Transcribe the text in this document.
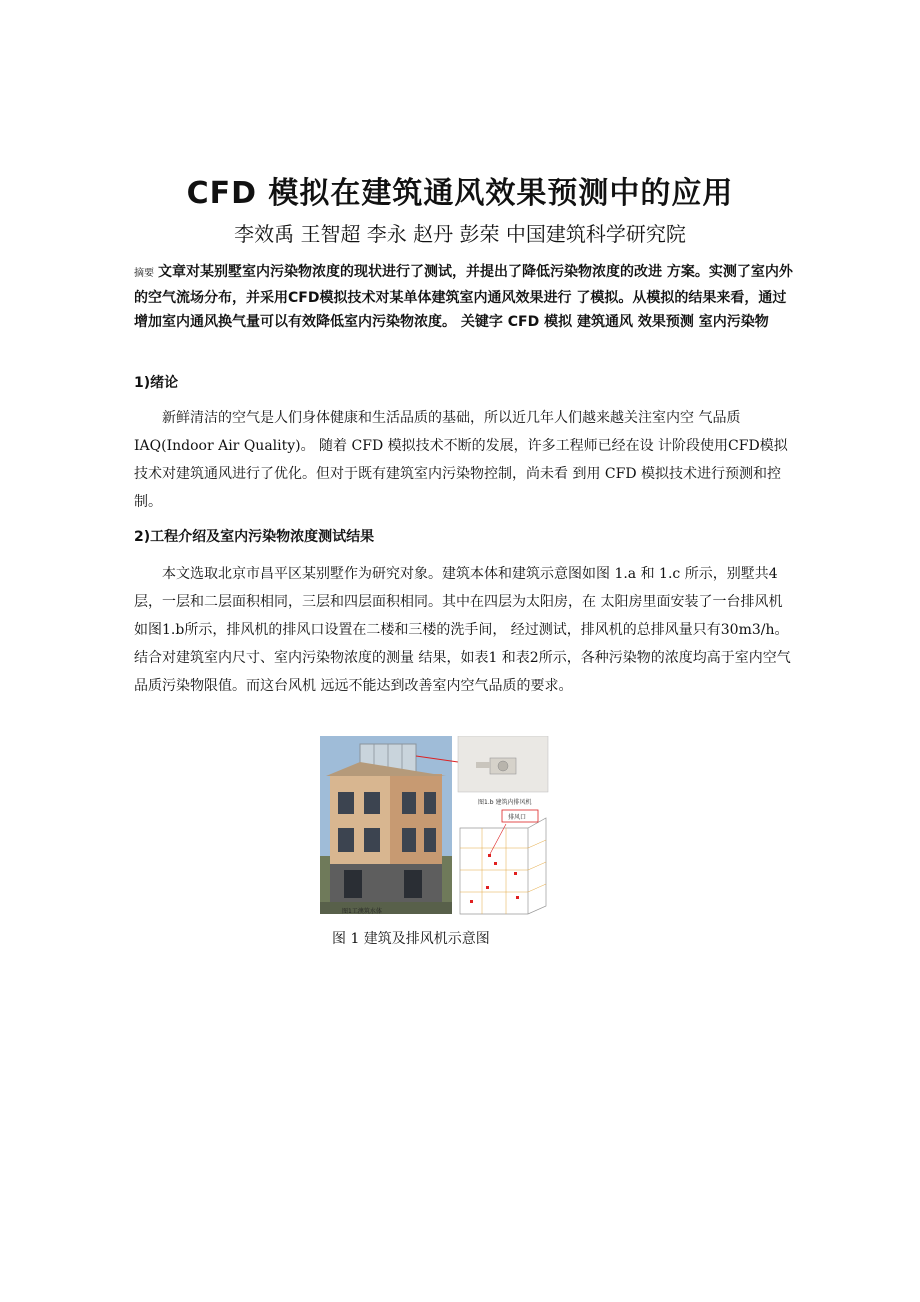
CFD 模拟在建筑通风效果预测中的应用

李效禹 王智超 李永 赵丹 彭荣 中国建筑科学研究院

摘要 文章对某别墅室内污染物浓度的现状进行了测试，并提出了降低污染物浓度的改进 方案。实测了室内外的空气流场分布，并采用CFD模拟技术对某单体建筑室内通风效果进行 了模拟。从模拟的结果来看，通过增加室内通风换气量可以有效降低室内污染物浓度。 关键字 CFD 模拟 建筑通风 效果预测 室内污染物

1)绪论

新鲜清洁的空气是人们身体健康和生活品质的基础，所以近几年人们越来越关注室内空 气品质 IAQ(Indoor Air Quality)。 随着 CFD 模拟技术不断的发展，许多工程师已经在设 计阶段使用CFD模拟技术对建筑通风进行了优化。但对于既有建筑室内污染物控制，尚未看 到用 CFD 模拟技术进行预测和控制。

2)工程介绍及室内污染物浓度测试结果

本文选取北京市昌平区某别墅作为研究对象。建筑本体和建筑示意图如图 1.a 和 1.c 所示，别墅共4 层，一层和二层面积相同，三层和四层面积相同。其中在四层为太阳房，在 太阳房里面安装了一台排风机如图1.b所示，排风机的排风口设置在二楼和三楼的洗手间， 经过测试，排风机的总排风量只有30m3/h。结合对建筑室内尺寸、室内污染物浓度的测量 结果，如表1 和表2所示，各种污染物的浓度均高于室内空气品质污染物限值。而这台风机 远远不能达到改善室内空气品质的要求。

图1工澳筑水体
图1.b 建筑内排风机
排风口

图 1 建筑及排风机示意图
